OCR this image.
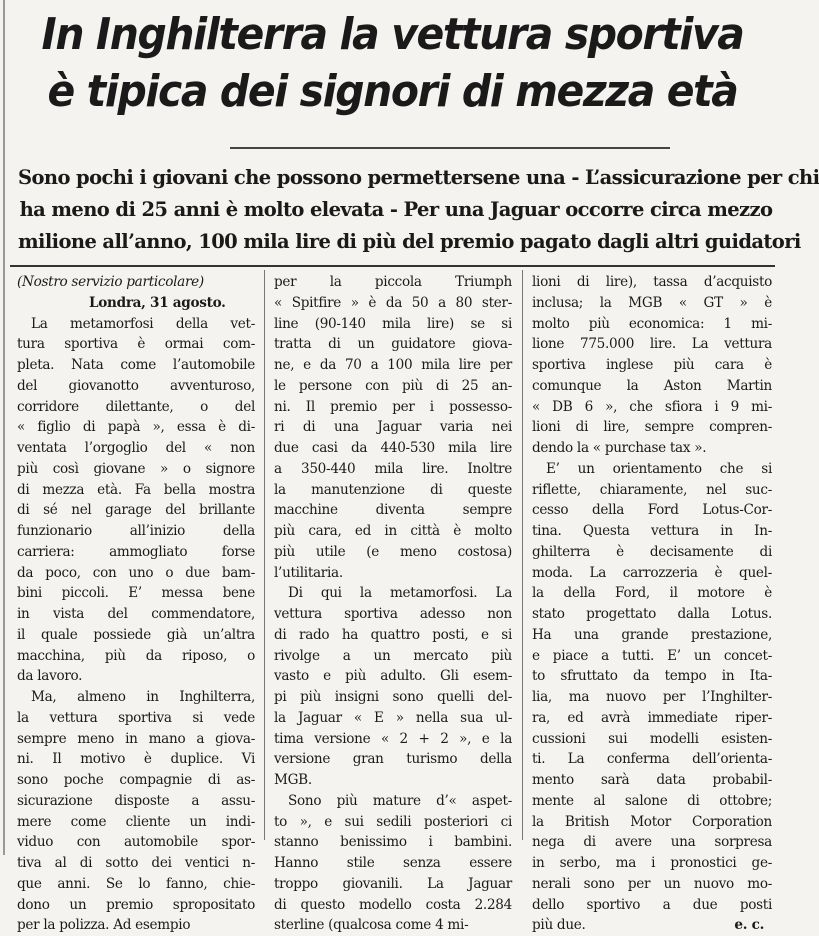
In Inghilterra la vettura sportiva
è tipica dei signori di mezza età
Sono pochi i giovani che possono permettersene una - L’assicurazione per chi
ha meno di 25 anni è molto elevata - Per una Jaguar occorre circa mezzo
milione all’anno, 100 mila lire di più del premio pagato dagli altri guidatori
(Nostro servizio particolare)
Londra, 31 agosto.
La metamorfosi della vet-
tura sportiva è ormai com-
pleta. Nata come l’automobile
del giovanotto avventuroso,
corridore dilettante, o del
« figlio di papà », essa è di-
ventata l’orgoglio del « non
più così giovane » o signore
di mezza età. Fa bella mostra
di sé nel garage del brillante
funzionario all’inizio della
carriera: ammogliato forse
da poco, con uno o due bam-
bini piccoli. E’ messa bene
in vista del commendatore,
il quale possiede già un’altra
macchina, più da riposo, o
da lavoro.
Ma, almeno in Inghilterra,
la vettura sportiva si vede
sempre meno in mano a giova-
ni. Il motivo è duplice. Vi
sono poche compagnie di as-
sicurazione disposte a assu-
mere come cliente un indi-
viduo con automobile spor-
tiva al di sotto dei ventici n-
que anni. Se lo fanno, chie-
dono un premio spropositato
per la polizza. Ad esempio
per la piccola Triumph
« Spitfire » è da 50 a 80 ster-
line (90-140 mila lire) se si
tratta di un guidatore giova-
ne, e da 70 a 100 mila lire per
le persone con più di 25 an-
ni. Il premio per i possesso-
ri di una Jaguar varia nei
due casi da 440-530 mila lire
a 350-440 mila lire. Inoltre
la manutenzione di queste
macchine diventa sempre
più cara, ed in città è molto
più utile (e meno costosa)
l’utilitaria.
Di qui la metamorfosi. La
vettura sportiva adesso non
di rado ha quattro posti, e si
rivolge a un mercato più
vasto e più adulto. Gli esem-
pi più insigni sono quelli del-
la Jaguar « E » nella sua ul-
tima versione « 2 + 2 », e la
versione gran turismo della
MGB.
Sono più mature d’« aspet-
to », e sui sedili posteriori ci
stanno benissimo i bambini.
Hanno stile senza essere
troppo giovanili. La Jaguar
di questo modello costa 2.284
sterline (qualcosa come 4 mi-
lioni di lire), tassa d’acquisto
inclusa; la MGB « GT » è
molto più economica: 1 mi-
lione 775.000 lire. La vettura
sportiva inglese più cara è
comunque la Aston Martin
« DB 6 », che sfiora i 9 mi-
lioni di lire, sempre compren-
dendo la « purchase tax ».
E’ un orientamento che si
riflette, chiaramente, nel suc-
cesso della Ford Lotus-Cor-
tina. Questa vettura in In-
ghilterra è decisamente di
moda. La carrozzeria è quel-
la della Ford, il motore è
stato progettato dalla Lotus.
Ha una grande prestazione,
e piace a tutti. E’ un concet-
to sfruttato da tempo in Ita-
lia, ma nuovo per l’Inghilter-
ra, ed avrà immediate riper-
cussioni sui modelli esisten-
ti. La conferma dell’orienta-
mento sarà data probabil-
mente al salone di ottobre;
la British Motor Corporation
nega di avere una sorpresa
in serbo, ma i pronostici ge-
nerali sono per un nuovo mo-
dello sportivo a due posti
più due.	e. c.
